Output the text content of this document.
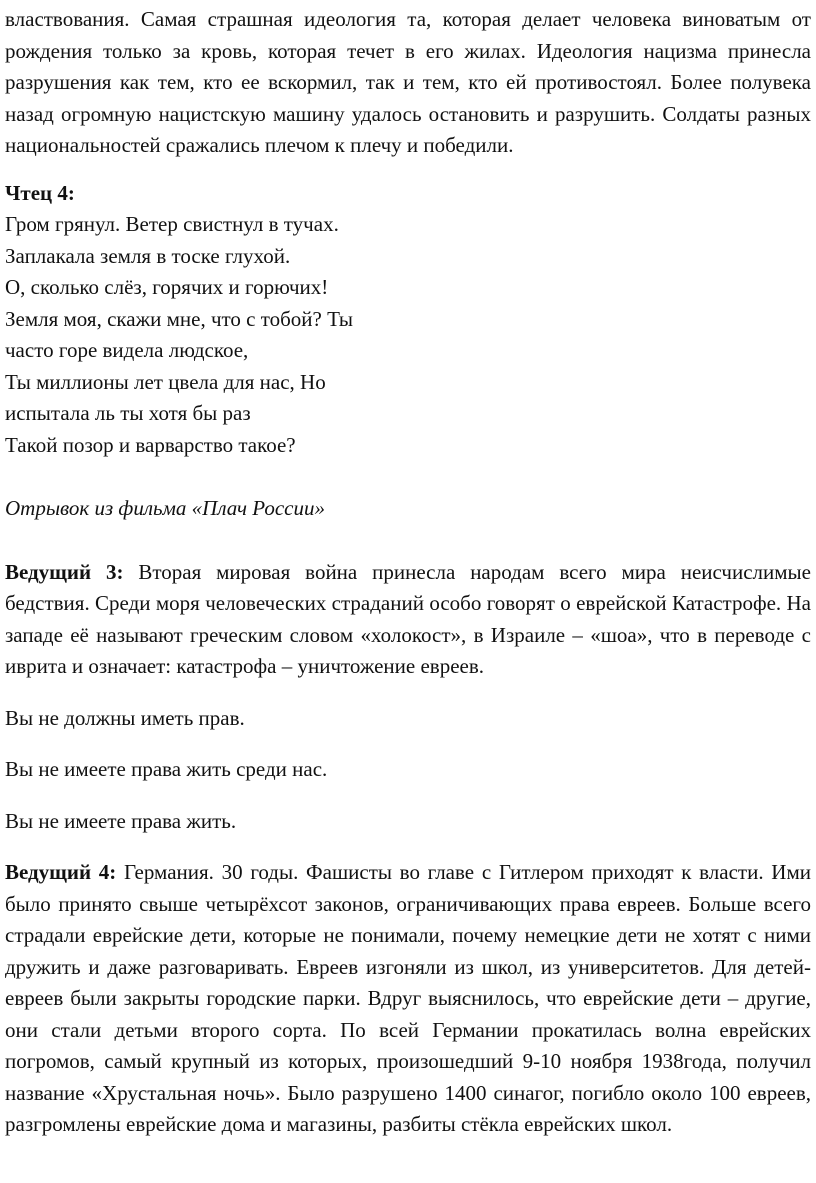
властвования. Самая страшная идеология та, которая делает человека виноватым от рождения только за кровь, которая течет в его жилах. Идеология нацизма принесла разрушения как тем, кто ее вскормил, так и тем, кто ей противостоял. Более полувека назад огромную нацистскую машину удалось остановить и разрушить. Солдаты разных национальностей сражались плечом к плечу и победили.

Чтец 4:

Гром грянул. Ветер свистнул в тучах.
Заплакала земля в тоске глухой.
О, сколько слёз, горячих и горючих!
Земля моя, скажи мне, что с тобой? Ты
часто горе видела людское,
Ты миллионы лет цвела для нас, Но
испытала ль ты хотя бы раз
Такой позор и варварство такое?

Отрывок из фильма «Плач России»

Ведущий 3: Вторая мировая война принесла народам всего мира неисчислимые бедствия. Среди моря человеческих страданий особо говорят о еврейской Катастрофе. На западе её называют греческим словом «холокост», в Израиле – «шоа», что в переводе с иврита и означает: катастрофа – уничтожение евреев.

Вы не должны иметь прав.

Вы не имеете права жить среди нас.

Вы не имеете права жить.

Ведущий 4: Германия. 30 годы. Фашисты во главе с Гитлером приходят к власти. Ими было принято свыше четырёхсот законов, ограничивающих права евреев. Больше всего страдали еврейские дети, которые не понимали, почему немецкие дети не хотят с ними дружить и даже разговаривать. Евреев изгоняли из школ, из университетов. Для детей-евреев были закрыты городские парки. Вдруг выяснилось, что еврейские дети – другие, они стали детьми второго сорта. По всей Германии прокатилась волна еврейских погромов, самый крупный из которых, произошедший 9-10 ноября 1938года, получил название «Хрустальная ночь». Было разрушено 1400 синагог, погибло около 100 евреев, разгромлены еврейские дома и магазины, разбиты стёкла еврейских школ.
